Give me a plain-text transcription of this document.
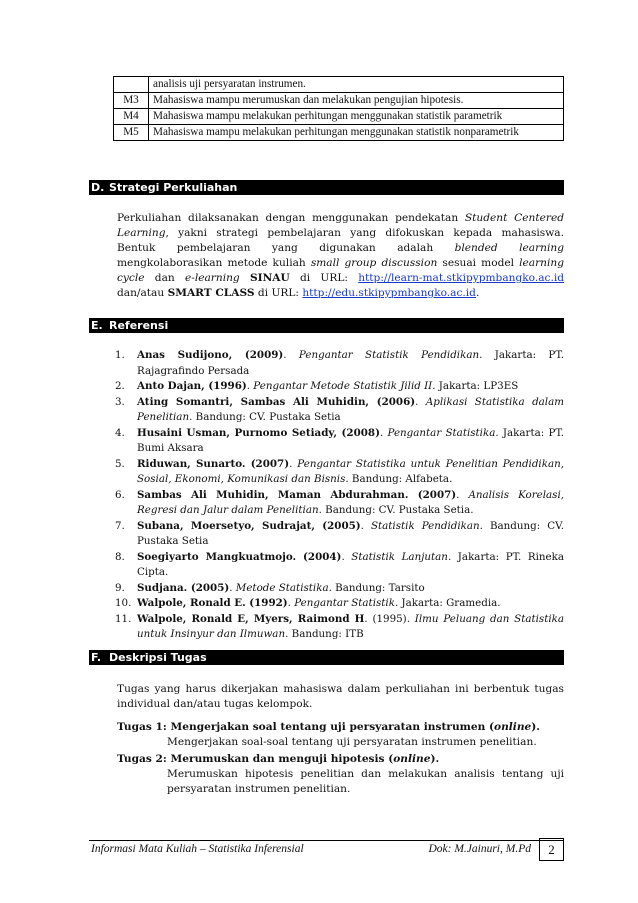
	analisis uji persyaratan instrumen.
M3	Mahasiswa mampu merumuskan dan melakukan pengujian hipotesis.
M4	Mahasiswa mampu melakukan perhitungan menggunakan statistik parametrik
M5	Mahasiswa mampu melakukan perhitungan menggunakan statistik nonparametrik
D. Strategi Perkuliahan
Perkuliahan dilaksanakan dengan menggunakan pendekatan Student Centered Learning, yakni strategi pembelajaran yang difokuskan kepada mahasiswa. Bentuk pembelajaran yang digunakan adalah blended learning mengkolaborasikan metode kuliah small group discussion sesuai model learning cycle dan e-learning SINAU di URL: http://learn-mat.stkipypmbangko.ac.id dan/atau SMART CLASS di URL: http://edu.stkipypmbangko.ac.id.
E. Referensi
1. Anas Sudijono, (2009). Pengantar Statistik Pendidikan. Jakarta: PT. Rajagrafindo Persada
2. Anto Dajan, (1996). Pengantar Metode Statistik Jilid II. Jakarta: LP3ES
3. Ating Somantri, Sambas Ali Muhidin, (2006). Aplikasi Statistika dalam Penelitian. Bandung: CV. Pustaka Setia
4. Husaini Usman, Purnomo Setiady, (2008). Pengantar Statistika. Jakarta: PT. Bumi Aksara
5. Riduwan, Sunarto. (2007). Pengantar Statistika untuk Penelitian Pendidikan, Sosial, Ekonomi, Komunikasi dan Bisnis. Bandung: Alfabeta.
6. Sambas Ali Muhidin, Maman Abdurahman. (2007). Analisis Korelasi, Regresi dan Jalur dalam Penelitian. Bandung: CV. Pustaka Setia.
7. Subana, Moersetyo, Sudrajat, (2005). Statistik Pendidikan. Bandung: CV. Pustaka Setia
8. Soegiyarto Mangkuatmojo. (2004). Statistik Lanjutan. Jakarta: PT. Rineka Cipta.
9. Sudjana. (2005). Metode Statistika. Bandung: Tarsito
10. Walpole, Ronald E. (1992). Pengantar Statistik. Jakarta: Gramedia.
11. Walpole, Ronald E, Myers, Raimond H. (1995). Ilmu Peluang dan Statistika untuk Insinyur dan Ilmuwan. Bandung: ITB
F. Deskripsi Tugas
Tugas yang harus dikerjakan mahasiswa dalam perkuliahan ini berbentuk tugas individual dan/atau tugas kelompok.
Tugas 1: Mengerjakan soal tentang uji persyaratan instrumen (online).
Mengerjakan soal-soal tentang uji persyaratan instrumen penelitian.
Tugas 2: Merumuskan dan menguji hipotesis (online).
Merumuskan hipotesis penelitian dan melakukan analisis tentang uji persyaratan instrumen penelitian.
Informasi Mata Kuliah – Statistika Inferensial	Dok: M.Jainuri, M.Pd	2
